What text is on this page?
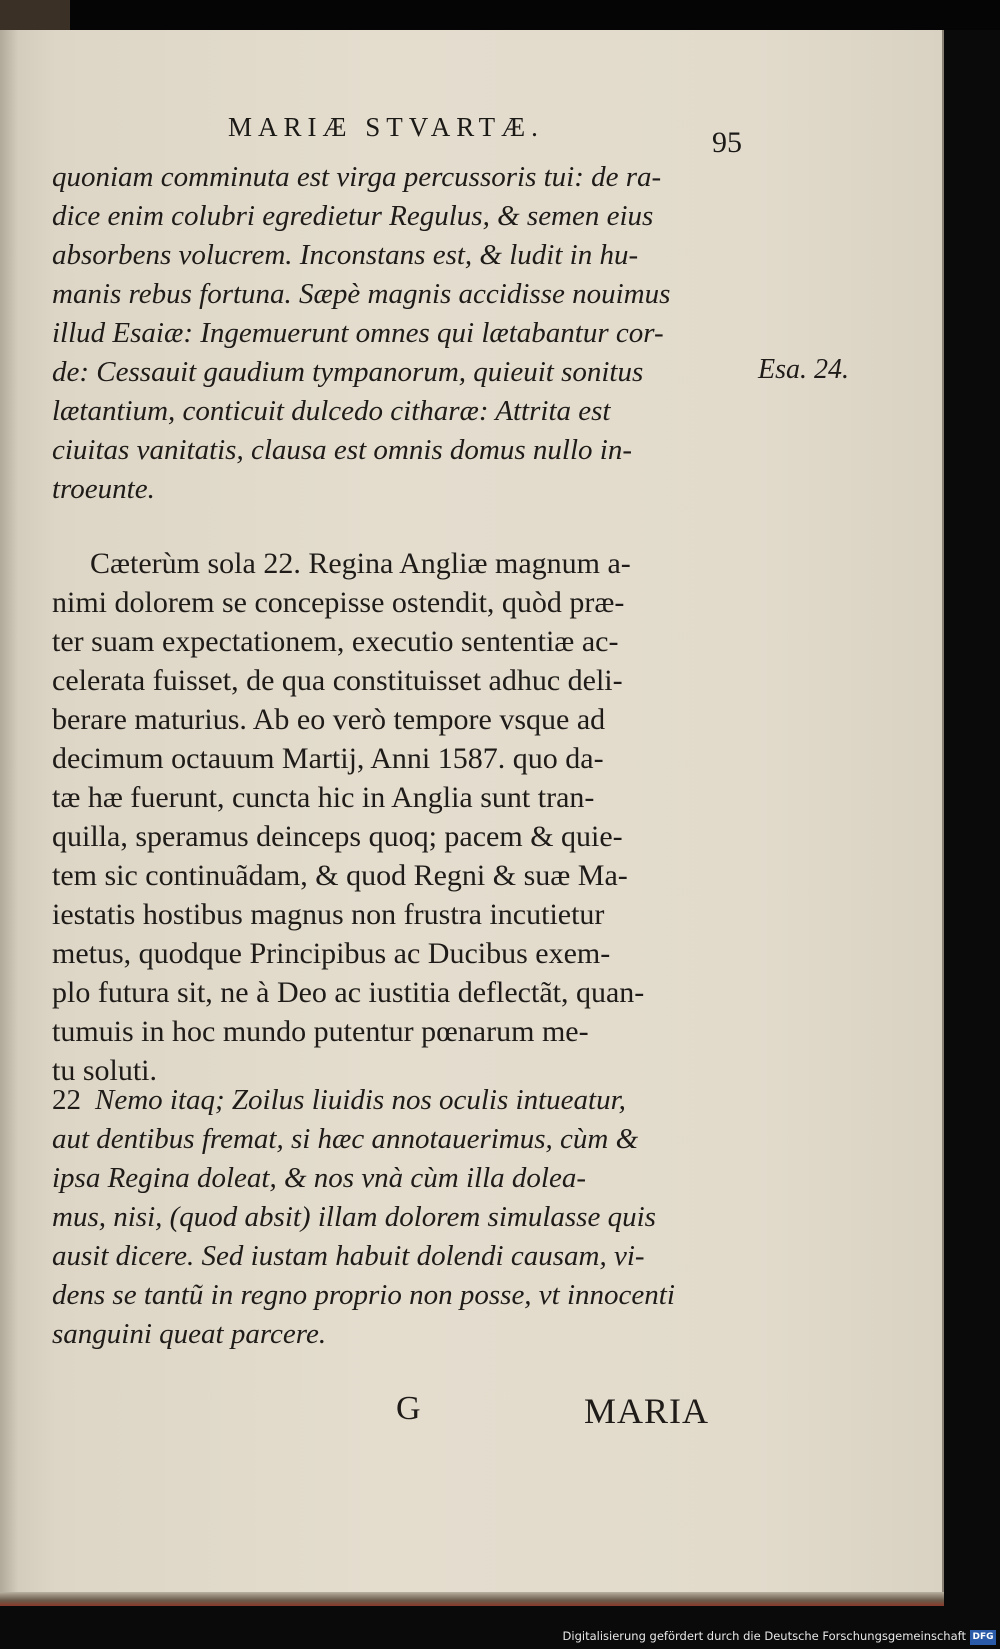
MARIÆ STVARTÆ.	95
quoniam comminuta est virga percussoris tui: de ra-
dice enim colubri egredietur Regulus, & semen eius
absorbens volucrem. Inconstans est, & ludit in hu-
manis rebus fortuna. Sæpè magnis accidisse nouimus
illud Esaiæ: Ingemuerunt omnes qui lætabantur cor-
de: Cessauit gaudium tympanorum, quieuit sonitus
lætantium, conticuit dulcedo citharæ: Attrita est
ciuitas vanitatis, clausa est omnis domus nullo in-
troeunte.
Esa. 24.
Cæterùm sola 22. Regina Angliæ magnum a-
nimi dolorem se concepisse ostendit, quòd præ-
ter suam expectationem, executio sententiæ ac-
celerata fuisset, de qua constituisset adhuc deli-
berare maturius. Ab eo verò tempore vsque ad
decimum octauum Martij, Anni 1587. quo da-
tæ hæ fuerunt, cuncta hic in Anglia sunt tran-
quilla, speramus deinceps quoq; pacem & quie-
tem sic continuãdam, & quod Regni & suæ Ma-
iestatis hostibus magnus non frustra incutietur
metus, quodque Principibus ac Ducibus exem-
plo futura sit, ne à Deo ac iustitia deflectãt, quan-
tumuis in hoc mundo putentur pœnarum me-
tu soluti.
22 Nemo itaq; Zoilus liuidis nos oculis intueatur,
aut dentibus fremat, si hæc annotauerimus, cùm &
ipsa Regina doleat, & nos vnà cùm illa dolea-
mus, nisi, (quod absit) illam dolorem simulasse quis
ausit dicere. Sed iustam habuit dolendi causam, vi-
dens se tantũ in regno proprio non posse, vt innocenti
sanguini queat parcere.
G	MARIA
Digitalisierung gefördert durch die Deutsche Forschungsgemeinschaft DFG
